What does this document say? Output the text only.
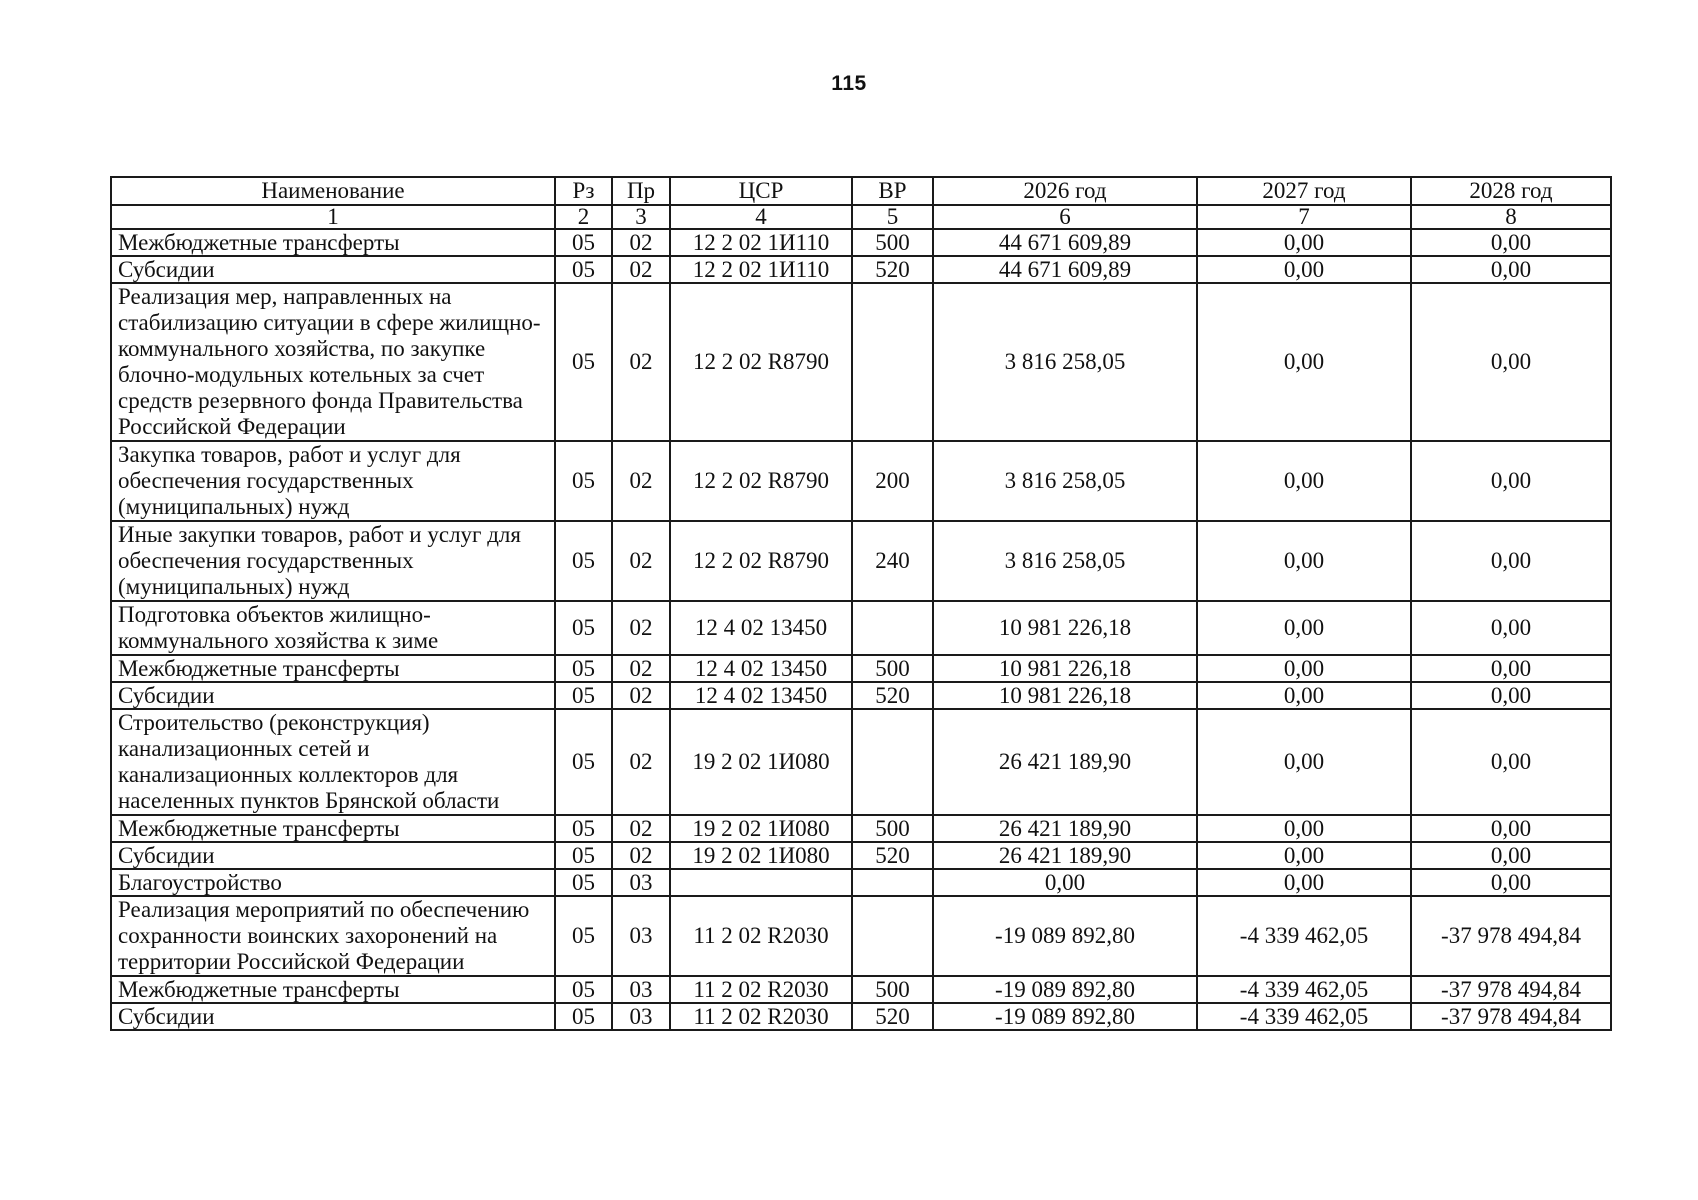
115
Наименование	Рз	Пр	ЦСР	ВР	2026 год	2027 год	2028 год
1	2	3	4	5	6	7	8
Межбюджетные трансферты	05	02	12 2 02 1И110	500	44 671 609,89	0,00	0,00
Субсидии	05	02	12 2 02 1И110	520	44 671 609,89	0,00	0,00
Реализация мер, направленных на стабилизацию ситуации в сфере жилищно-коммунального хозяйства, по закупке блочно-модульных котельных за счет средств резервного фонда Правительства Российской Федерации	05	02	12 2 02 R8790		3 816 258,05	0,00	0,00
Закупка товаров, работ и услуг для обеспечения государственных (муниципальных) нужд	05	02	12 2 02 R8790	200	3 816 258,05	0,00	0,00
Иные закупки товаров, работ и услуг для обеспечения государственных (муниципальных) нужд	05	02	12 2 02 R8790	240	3 816 258,05	0,00	0,00
Подготовка объектов жилищно-коммунального хозяйства к зиме	05	02	12 4 02 13450		10 981 226,18	0,00	0,00
Межбюджетные трансферты	05	02	12 4 02 13450	500	10 981 226,18	0,00	0,00
Субсидии	05	02	12 4 02 13450	520	10 981 226,18	0,00	0,00
Строительство (реконструкция) канализационных сетей и канализационных коллекторов для населенных пунктов Брянской области	05	02	19 2 02 1И080		26 421 189,90	0,00	0,00
Межбюджетные трансферты	05	02	19 2 02 1И080	500	26 421 189,90	0,00	0,00
Субсидии	05	02	19 2 02 1И080	520	26 421 189,90	0,00	0,00
Благоустройство	05	03			0,00	0,00	0,00
Реализация мероприятий по обеспечению сохранности воинских захоронений на территории Российской Федерации	05	03	11 2 02 R2030		-19 089 892,80	-4 339 462,05	-37 978 494,84
Межбюджетные трансферты	05	03	11 2 02 R2030	500	-19 089 892,80	-4 339 462,05	-37 978 494,84
Субсидии	05	03	11 2 02 R2030	520	-19 089 892,80	-4 339 462,05	-37 978 494,84
